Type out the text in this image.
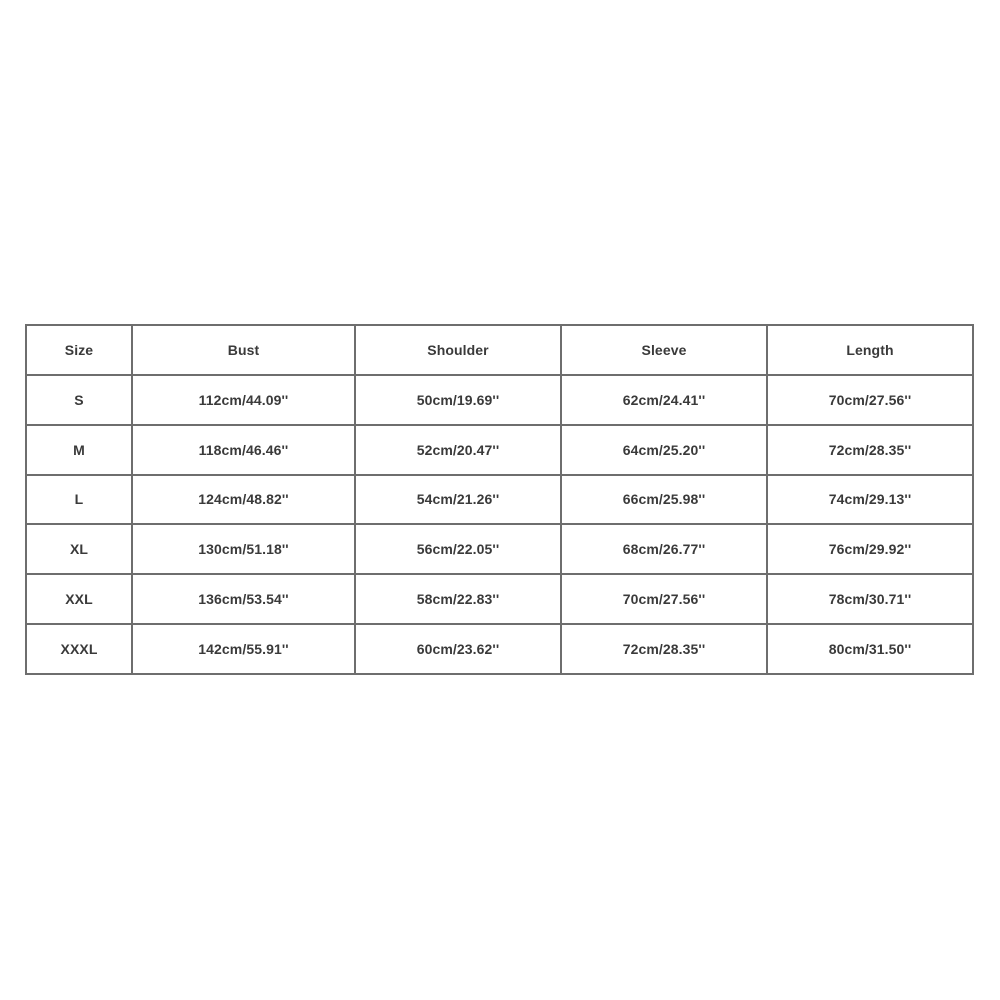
Size	Bust	Shoulder	Sleeve	Length
S	112cm/44.09''	50cm/19.69''	62cm/24.41''	70cm/27.56''
M	118cm/46.46''	52cm/20.47''	64cm/25.20''	72cm/28.35''
L	124cm/48.82''	54cm/21.26''	66cm/25.98''	74cm/29.13''
XL	130cm/51.18''	56cm/22.05''	68cm/26.77''	76cm/29.92''
XXL	136cm/53.54''	58cm/22.83''	70cm/27.56''	78cm/30.71''
XXXL	142cm/55.91''	60cm/23.62''	72cm/28.35''	80cm/31.50''
